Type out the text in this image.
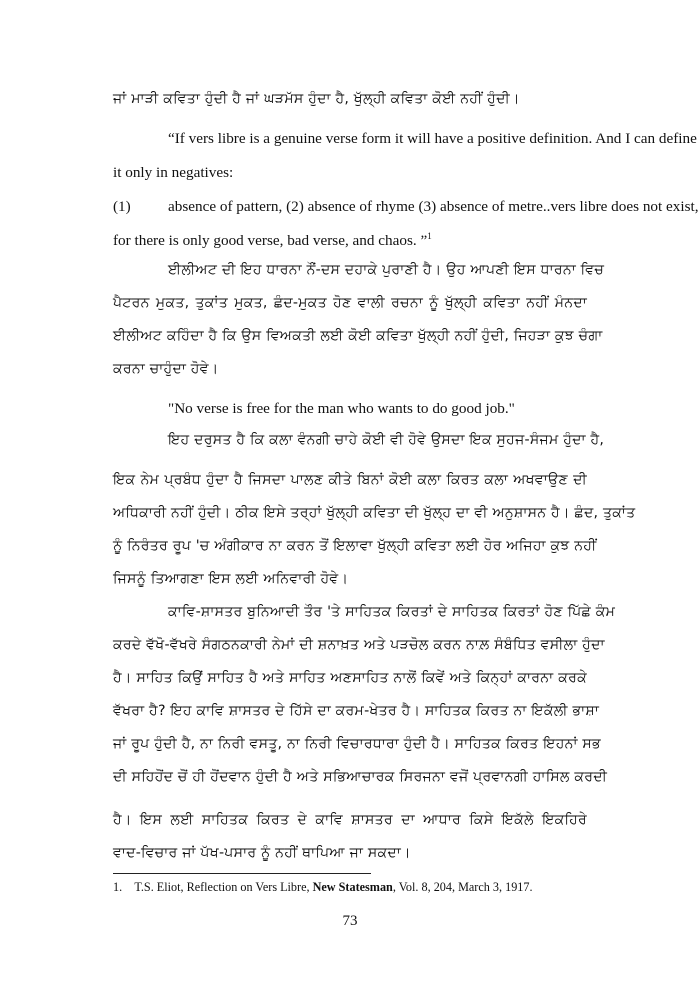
ਜਾਂ ਮਾੜੀ ਕਵਿਤਾ ਹੁੰਦੀ ਹੈ ਜਾਂ ਘੜਮੱਸ ਹੁੰਦਾ ਹੈ, ਖੁੱਲ੍ਹੀ ਕਵਿਤਾ ਕੋਈ ਨਹੀਂ ਹੁੰਦੀ।
“If vers libre is a genuine verse form it will have a positive definition. And I can define
it only in negatives:
(1) absence of pattern, (2) absence of rhyme (3) absence of metre..vers libre does not exist,
for there is only good verse, bad verse, and chaos. ”$^1$
ਈਲੀਅਟ ਦੀ ਇਹ ਧਾਰਨਾ ਨੌਂ-ਦਸ ਦਹਾਕੇ ਪੁਰਾਣੀ ਹੈ। ਉਹ ਆਪਣੀ ਇਸ ਧਾਰਨਾ ਵਿਚ
ਪੈਟਰਨ ਮੁਕਤ, ਤੁਕਾਂਤ ਮੁਕਤ, ਛੰਦ-ਮੁਕਤ ਹੋਣ ਵਾਲੀ ਰਚਨਾ ਨੂੰ ਖੁੱਲ੍ਹੀ ਕਵਿਤਾ ਨਹੀਂ ਮੰਨਦਾ
ਈਲੀਅਟ ਕਹਿੰਦਾ ਹੈ ਕਿ ਉਸ ਵਿਅਕਤੀ ਲਈ ਕੋਈ ਕਵਿਤਾ ਖੁੱਲ੍ਹੀ ਨਹੀਂ ਹੁੰਦੀ, ਜਿਹੜਾ ਕੁਝ ਚੰਗਾ
ਕਰਨਾ ਚਾਹੁੰਦਾ ਹੋਵੇ।
"No verse is free for the man who wants to do good job."
ਇਹ ਦਰੁਸਤ ਹੈ ਕਿ ਕਲਾ ਵੰਨਗੀ ਚਾਹੇ ਕੋਈ ਵੀ ਹੋਵੇ ਉਸਦਾ ਇਕ ਸੁਹਜ-ਸੰਜਮ ਹੁੰਦਾ ਹੈ,
ਇਕ ਨੇਮ ਪ੍ਰਬੰਧ ਹੁੰਦਾ ਹੈ ਜਿਸਦਾ ਪਾਲਣ ਕੀਤੇ ਬਿਨਾਂ ਕੋਈ ਕਲਾ ਕਿਰਤ ਕਲਾ ਅਖਵਾਉਣ ਦੀ
ਅਧਿਕਾਰੀ ਨਹੀਂ ਹੁੰਦੀ। ਠੀਕ ਇਸੇ ਤਰ੍ਹਾਂ ਖੁੱਲ੍ਹੀ ਕਵਿਤਾ ਦੀ ਖੁੱਲ੍ਹ ਦਾ ਵੀ ਅਨੁਸ਼ਾਸਨ ਹੈ। ਛੰਦ, ਤੁਕਾਂਤ
ਨੂੰ ਨਿਰੰਤਰ ਰੂਪ 'ਚ ਅੰਗੀਕਾਰ ਨਾ ਕਰਨ ਤੋਂ ਇਲਾਵਾ ਖੁੱਲ੍ਹੀ ਕਵਿਤਾ ਲਈ ਹੋਰ ਅਜਿਹਾ ਕੁਝ ਨਹੀਂ
ਜਿਸਨੂੰ ਤਿਆਗਣਾ ਇਸ ਲਈ ਅਨਿਵਾਰੀ ਹੋਵੇ।
ਕਾਵਿ-ਸ਼ਾਸਤਰ ਬੁਨਿਆਦੀ ਤੌਰ 'ਤੇ ਸਾਹਿਤਕ ਕਿਰਤਾਂ ਦੇ ਸਾਹਿਤਕ ਕਿਰਤਾਂ ਹੋਣ ਪਿੱਛੇ ਕੰਮ
ਕਰਦੇ ਵੱਖੋ-ਵੱਖਰੇ ਸੰਗਠਨਕਾਰੀ ਨੇਮਾਂ ਦੀ ਸ਼ਨਾਖ਼ਤ ਅਤੇ ਪੜਚੋਲ ਕਰਨ ਨਾਲ਼ ਸੰਬੰਧਿਤ ਵਸੀਲਾ ਹੁੰਦਾ
ਹੈ। ਸਾਹਿਤ ਕਿਉਂ ਸਾਹਿਤ ਹੈ ਅਤੇ ਸਾਹਿਤ ਅਣਸਾਹਿਤ ਨਾਲੋਂ ਕਿਵੇਂ ਅਤੇ ਕਿਨ੍ਹਾਂ ਕਾਰਨਾ ਕਰਕੇ
ਵੱਖਰਾ ਹੈ? ਇਹ ਕਾਵਿ ਸ਼ਾਸਤਰ ਦੇ ਹਿੱਸੇ ਦਾ ਕਰਮ-ਖੇਤਰ ਹੈ। ਸਾਹਿਤਕ ਕਿਰਤ ਨਾ ਇਕੱਲੀ ਭਾਸ਼ਾ
ਜਾਂ ਰੂਪ ਹੁੰਦੀ ਹੈ, ਨਾ ਨਿਰੀ ਵਸਤੂ, ਨਾ ਨਿਰੀ ਵਿਚਾਰਧਾਰਾ ਹੁੰਦੀ ਹੈ। ਸਾਹਿਤਕ ਕਿਰਤ ਇਹਨਾਂ ਸਭ
ਦੀ ਸਹਿਹੋਂਦ ਚੋਂ ਹੀ ਹੋਂਦਵਾਨ ਹੁੰਦੀ ਹੈ ਅਤੇ ਸਭਿਆਚਾਰਕ ਸਿਰਜਨਾ ਵਜੋਂ ਪ੍ਰਵਾਨਗੀ ਹਾਸਿਲ ਕਰਦੀ
ਹੈ। ਇਸ ਲਈ ਸਾਹਿਤਕ ਕਿਰਤ ਦੇ ਕਾਵਿ ਸ਼ਾਸਤਰ ਦਾ ਆਧਾਰ ਕਿਸੇ ਇਕੱਲੇ ਇਕਹਿਰੇ
ਵਾਦ-ਵਿਚਾਰ ਜਾਂ ਪੱਖ-ਪਸਾਰ ਨੂੰ ਨਹੀਂ ਥਾਪਿਆ ਜਾ ਸਕਦਾ।
1. T.S. Eliot, Reflection on Vers Libre, New Statesman, Vol. 8, 204, March 3, 1917.
73
